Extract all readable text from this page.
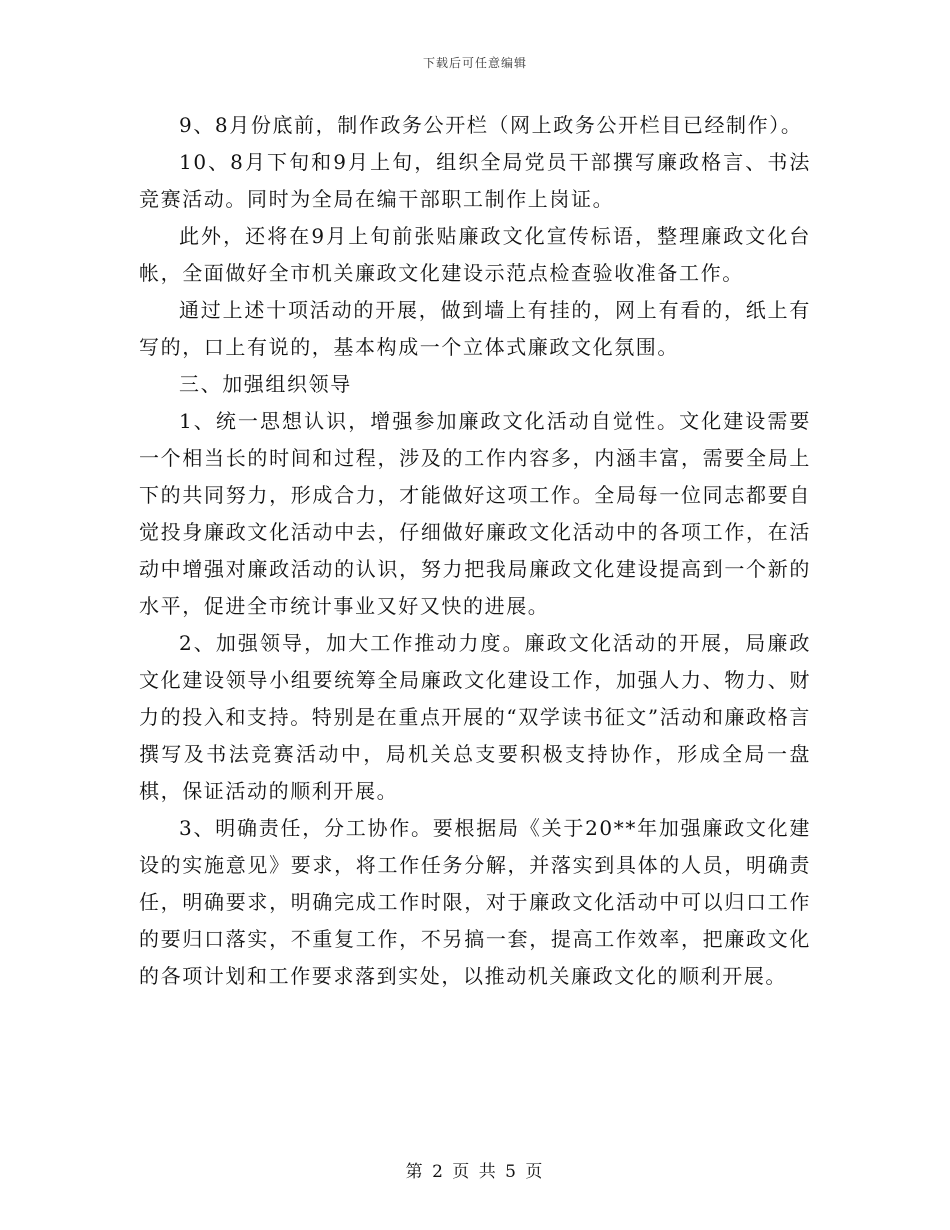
下载后可任意编辑

9、8月份底前，制作政务公开栏（网上政务公开栏目已经制作）。

10、8月下旬和9月上旬，组织全局党员干部撰写廉政格言、书法竞赛活动。同时为全局在编干部职工制作上岗证。

此外，还将在9月上旬前张贴廉政文化宣传标语，整理廉政文化台帐，全面做好全市机关廉政文化建设示范点检查验收准备工作。

通过上述十项活动的开展，做到墙上有挂的，网上有看的，纸上有写的，口上有说的，基本构成一个立体式廉政文化氛围。

三、加强组织领导

1、统一思想认识，增强参加廉政文化活动自觉性。文化建设需要一个相当长的时间和过程，涉及的工作内容多，内涵丰富，需要全局上下的共同努力，形成合力，才能做好这项工作。全局每一位同志都要自觉投身廉政文化活动中去，仔细做好廉政文化活动中的各项工作，在活动中增强对廉政活动的认识，努力把我局廉政文化建设提高到一个新的水平，促进全市统计事业又好又快的进展。

2、加强领导，加大工作推动力度。廉政文化活动的开展，局廉政文化建设领导小组要统筹全局廉政文化建设工作，加强人力、物力、财力的投入和支持。特别是在重点开展的“双学读书征文”活动和廉政格言撰写及书法竞赛活动中，局机关总支要积极支持协作，形成全局一盘棋，保证活动的顺利开展。

3、明确责任，分工协作。要根据局《关于20**年加强廉政文化建设的实施意见》要求，将工作任务分解，并落实到具体的人员，明确责任，明确要求，明确完成工作时限，对于廉政文化活动中可以归口工作的要归口落实，不重复工作，不另搞一套，提高工作效率，把廉政文化的各项计划和工作要求落到实处，以推动机关廉政文化的顺利开展。

第 2 页 共 5 页
